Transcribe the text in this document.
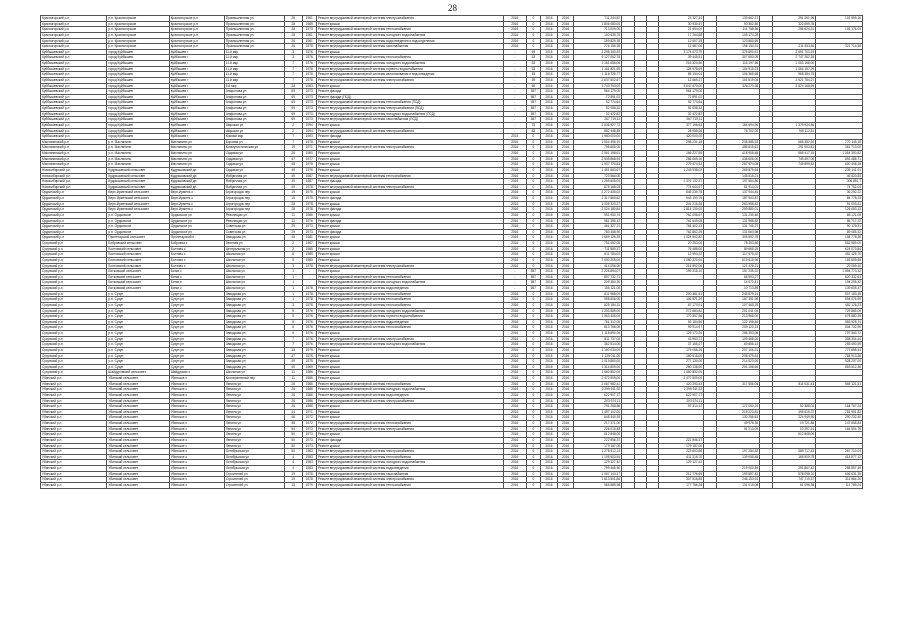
28
Красногорский р-н	р.п. Красногорское	Красногорское р-н	Промышленная ул.	28	1961	Ремонт внутридомовой инженерной системы электроснабжения	2016	0	2016	2016	711 244,52				23 327,34		133 662,37		251 261,96	102 559,16
Красногорский р-н	р.п. Красногорское	Красногорское р-н	Промышленная ул.	28	1989	Ремонт крыши	2016	0	2016	2016	1 806 080,00				30 930,57		90 362,80		322 699,78	
Красногорский р-н	р.п. Красногорское	Красногорское р-н	Промышленная ул.	28	1973	Ремонт внутридомовой инженерной системы теплоснабжения	2016	0	2016	2016	713 009,00				21 454,00		111 758,56		256 624,31	105 176,00
Красногорский р-н	р.п. Красногорское	Красногорское р-н	Промышленная ул.	28	1961	Ремонт внутридомовой инженерной системы холодного водоснабжения	2016	0	2016	2016	100 639,76				17 264,88		105 174,28			
Красногорский р-н	р.п. Красногорское	Красногорское р-н	Промышленная ул.	26	1961	Ремонт внутридомовой инженерной системы водоотведения и водоотделения	2016	0	2016	2016	159 825,39				12 607,29		123 860,69			
Красногорский р-н	р.п. Красногорское	Красногорское р-н	Промышленная ул.	26	1978	Ремонт внутридомовой инженерной системы газоснабжения	2016	0	2016	2016	776 156,35				12 687,06		196 154,31		211 353,46	321 714,56
Куйбышевский р-н	город Куйбышев	Куйбышев г	11-й мкр	3	1976	Ремонт крыши	-	69	2016	2016	2 298 183,49				3 174 473,79		375 890,51		2 691 703,19	
Куйбышевский р-н	город Куйбышев	Куйбышев г	11-й мкр	3	1976	Ремонт внутридомовой инженерной системы теплоснабжения	-	53	2016	2016	9 127 062,78				39 445,51		307 653,09		2 747 262,28	
Куйбышевский р-н	город Куйбышев	Куйбышев г	11-й мкр	7	1976	Ремонт внутридомовой инженерной системы холодного водоснабжения	-	53	2016	2016	1 161 656,06				216 320,50		116 197,56		1 053 168,00	
Куйбышевский р-н	город Куйбышев	Куйбышев г	11-й мкр	7	1978	Ремонт внутридомовой инженерной системы горячего водоснабжения	-	53	2016	2016	1 161 821,95				128 978,69		104 915,23		1 064 157,29	
Куйбышевский р-н	город Куйбышев	Куйбышев г	11-й мкр	7	1978	Ремонт внутридомовой инженерной системы канализования и водоотведения	-	53	2016	2016	1 116 725,77				85 154,04		106 365,68		968 384,75	
Куйбышевский р-н	город Куйбышев	Куйбышев г	11-й мкр	7	1978	Ремонт внутридомовой инженерной системы электроснабжения	-	69	2016	2016	2 637 502,67				12 669,27		101 519,03		2 521 754,27	
Куйбышевский р-н	город Куйбышев	Куйбышев г	5-й мкр	28	1983	Ремонт крыши	-	69	2016	2016	3 743 753,00				3 647 473,00		376 273,38		3 674 168,59	
Куйбышевский р-н	город Куйбышев	Куйбышев г	Агафонова ул	69	1973	Ремонт фасада	-	557	2016	2016	964 179,00				964 179,00					
Куйбышевский р-н	город Куйбышев	Куйбышев г	Агафонова ул	69	1973	Ремонт фасада (ПСД)	-	557	2016	2016	72 891,02				72 891,02					
Куйбышевский р-н	город Куйбышев	Куйбышев г	Агафонова ул	69	1973	Ремонт внутридомовой инженерной системы теплоснабжения (ПСД)	-	557	2016	2016	52 774,64				52 774,64					
Куйбышевский р-н	город Куйбышев	Куйбышев г	Агафонова ул	69	1973	Ремонт внутридомовой инженерной системы электроснабжения (ПСД)	-	557	2016	2016	52 058,32				52 058,32					
Куйбышевский р-н	город Куйбышев	Куйбышев г	Агафонова ул	69	1973	Ремонт внутридомовой инженерной системы холодного водоснабжения (ПСД)	-	557	2016	2016	32 472,82				32 472,82					
Куйбышевский р-н	город Куйбышев	Куйбышев г	Агафонова ул	69	1973	Ремонт внутридомовой инженерной системы газоснабжения (ПСД)	-	557	2016	2016	267 719,11				267 719,11					
Куйбышевский р-н	город Куйбышев	Куйбышев г	Широкая ул	2	1994	Ремонт крыши	-	75	2016	2016	2 036 927,72				377 198,63		184 694,90		1 379 934,56	
Куйбышевский р-н	город Куйбышев	Куйбышев г	Широкая ул	2	1994	Ремонт внутридомовой инженерной системы электроснабжения	-	83	2016	2016	882 448,55				28 958,06		78 702,00		769 112,51	
Куйбышевский р-н	город Куйбышев	Куйбышев г	Южный мкр	7	1993	Ремонт фасада	2015	0	2016	2016	1 980 000,00				420 000,00					
Маслянинский р-н	р.п. Маслянино	Маслянино рп	Боровая ул	7	1978	Ремонт крыши	2016	0	2016	2016	1 504 496,10				298 231,18		235 585,92		665 352,92	770 145,18
Маслянинский р-н	р.п. Маслянино	Маслянино рп	Коммунистическая ул	19	1971	Ремонт внутридомовой инженерной системы электроснабжения	2016	0	2016	2016	798 665,00						485 615,61		291 903,81	361 713,00
Маслянинский р-н	р.п. Маслянино	Маслянино рп	Садовая ул	26	1960	Ремонт крыши	2016	0	2016	2016	2 061 198,61				166 227,55		418 908,68		965 417,15	1 054 300,82
Маслянинский р-н	р.п. Маслянино	Маслянино рп	Садовая ул	47	1977	Ремонт крыши	2016	0	2016	2016	2 549 868,94				286 069,10		436 606,00		745 497,09	891 485,71
Маслянинский р-н	р.п. Маслянино	Маслянино рп	Садовая ул	48	1978	Ремонт крыши	2016	0	2016	2016	1 937 770,83				279 474,92		287 974,05		749 899,52	600 408,18
Новосибирский р-н	Кудряшовский сельсовет	Кудряшовский дп	Садовая ул	49	1976	Ремонт крыши	2016	0	2016	2016	1 451 663,67				1 243 938,02		265 875,64			235 141,91
Новосибирский р-н	Кудряшовский сельсовет	Кудряшовский дп	Фабричная ул	49	1987	Ремонт внутридомовой инженерной системы теплоснабжения	2016	0	2016	2016	723 566,00						145 515,21			46 420,83
Новосибирский р-н	Кудряшовский сельсовет	Кудряшовский дп	Фабричная ул	49	1987	Ремонт фасада	2016	0	2016	2016	1 269 605,00				2 376 132,37		197 564,86			306 851,7
Новосибирский р-н	Кудряшовский сельсовет	Кудряшовский дп	Фабричная ул	49	1978	Ремонт внутридомовой инженерной системы электроснабжения	2016	0	2016	2016	675 168,03				774 644,97		81 914,01			74 752,04
Ордынский р-н	Верх-Ирменский сельсовет	Верх-Ирмень с	Агрогородок пер	19	1975	Ремонт крыши	2016	0	2016	2016	2 272 405,02				845 239,75		137 944,45			36 292,22
Ордынский р-н	Верх-Ирменский сельсовет	Верх-Ирмень с	Агрогородок пер	19	1975	Ремонт фасада	2016	0	2016	2016	2 317 860,62				943 190,75		187 943,87			84 778,23
Ордынский р-н	Верх-Ирменский сельсовет	Верх-Ирмень с	Агрогородок пер	28	1978	Ремонт крыши	2016	0	2016	2016	1 005 323,27				241 216,36		263 958,42			91 003,41
Ордынский р-н	Верх-Ирменский сельсовет	Верх-Ирмень с	Агрогородок пер	28	1978	Ремонт фасада	2016	0	2016	2016	2 024 180,84				1 814 130,03		259 880,01			126 053,13
Ордынский р-н	р.п. Ордынское	Ордынское рп	Революции ул	11	1986	Ремонт крыши	2016	0	2016	2016	951 950,74				762 096,67		131 239,48			85 171,05
Ордынский р-н	р.п. Ордынское	Ордынское рп	Революции ул	11	1976	Ремонт фасада	2016	0	2016	2016	981 355,12				762 649,08		131 988,82			86 717,22
Ордынский р-н	р.п. Ордынское	Ордынское рп	Советская ул	29	1973	Ремонт крыши	2016	0	2016	2016	461 327,21				765 402,12		131 745,27			90 179,31
Ордынский р-н	р.п. Ордынское	Ордынское рп	Советская ул	29	1973	Ремонт фасада	2016	0	2016	2016	783 458,90				762 862,29		131 663,98			89 085,32
Ордынский р-н	Пролетарский сельсовет	Пролетарский п	Заводская ул	45	1981	Ремонт крыши	2016	0	2016	2016	1 669 126,39				1 024 502,82		305 592,78			108 778,36
Сузунский р-н	Бобровский сельсовет	Бобровка с	Зеленая ул	2	1987	Ремонт крыши	2016	0	2016	2016	751 452,00				20 253,00		78 353,80			652 989,00
Сузунский р-н	Болтовский сельсовет	Болтово с	Центральная ул	2	1985	Ремонт крыши	2016	0	2016	2016	711 580,37				76 488,00		89 665,29			624 073,84
Сузунский р-н	Болтовский сельсовет	Болтово с	Школьная ул	6	1985	Ремонт крыши	2016	0	2016	2016	611 784,02				12 993,22		117 975,32			481 425,70
Сузунский р-н	Болтовский сельсовет	Болтово с	Школьная ул	5	1980	Ремонт крыши	2016	0	2016	2016	2 090 205,00				1 080 220,00		619 615,96			183 609,65
Сузунский р-н	Болтовский сельсовет	Болтово с	Школьная ул	3	1978	Ремонт внутридомовой инженерной системы электроснабжения	2016	0	2016	2016	414 096,00				216 892,00		121 478,21			29 059,40
Сузунский р-н	Битковский сельсовет	Битки с	Школьная ул	1	-	Ремонт крыши	-	557	2016	2016	2 226 894,07				199 316,10		157 235,22			1 594 773,42
Сузунский р-н	Битковский сельсовет	Битки с	Школьная ул	1	-	Ремонт внутридомовой инженерной системы теплоснабжения	-	557	2016	2016	897 732,71						65 993,27			820 332,63
Сузунский р-н	Битковский сельсовет	Битки с	Школьная ул	1	-	Ремонт внутридомовой инженерной системы холодного водоснабжения	-	557	2016	2016	209 360,30						14 072,41			194 295,42
Сузунский р-н	Битковский сельсовет	Битки с	Школьная ул	1	1978	Ремонт внутридомовой инженерной системы водоотведения	-	557	2016	2016	156 121,00						10 713,89			139 605,47
Сузунский р-н	р.п. Сузун	Сузун рп	Заводская ул	1	1978	Ремонт внутридомовой инженерной системы теплоснабжения	2016	0	2016	2016	611 968,00				200 481,51		245 875,14			507 183,45
Сузунский р-н	р.п. Сузун	Сузун рп	Заводская ул	1	1978	Ремонт внутридомовой инженерной системы теплоснабжения	2016	0	2016	2016	998 606,00				106 971,29		187 391,98			594 076,99
Сузунский р-н	р.п. Сузун	Сузун рп	Заводская ул	3	1978	Ремонт внутридомовой инженерной системы теплоснабжения	2016	0	2016	2016	625 184,31				67 170,91		107 465,25			452 176,23
Сузунский р-н	р.п. Сузун	Сузун рп	Заводская ул	5	1976	Ремонт внутридомовой инженерной системы холодного водоснабжения	2016	0	2016	2016	1 203 589,00				272 683,82		201 041,03			729 865,09
Сузунский р-н	р.п. Сузун	Сузун рп	Заводская ул	5	1976	Ремонт внутридомовой инженерной системы горячего водоснабжения	2016	0	2016	2016	1 063 406,00				170 557,56		213 968,00			678 880,39
Сузунский р-н	р.п. Сузун	Сузун рп	Заводская ул	5	1976	Ремонт внутридомовой инженерной системы водоотведения	2016	0	2016	2016	761 312,00				53 184,80		122 198,46			583 928,74
Сузунский р-н	р.п. Сузун	Сузун рп	Заводская ул	6	1976	Ремонт внутридомовой инженерной системы теплоснабжения	2016	0	2016	2016	813 768,00				99 914,97		209 120,13			504 732,90
Сузунский р-н	р.п. Сузун	Сузун рп	Заводская ул	6	1976	Ремонт крыши	2016	0	2016	2016	1 118 890,00				125 173,20		286 353,08			707 363,72
Сузунский р-н	р.п. Сузун	Сузун рп	Заводская ул	7	1976	Ремонт внутридомовой инженерной системы электроснабжения	2016	0	2016	2016	511 737,00				43 963,77		109 468,00			358 304,44
Сузунский р-н	р.п. Сузун	Сузун рп	Заводская ул	7	1976	Ремонт внутридомовой инженерной системы холодного водоснабжения	2016	0	2016	2016	362 514,00				37 165,27		69 858,14			255 490,59
Сузунский р-н	р.п. Сузун	Сузун рп	Заводская ул	15	1979	Ремонт крыши	2016	0	2016	2016	1 160 030,00				175 068,25		207 106,31			777 855,44
Сузунский р-н	р.п. Сузун	Сузун рп	Заводская ул	47	1976	Ремонт крыши	2016	0	2016	2016	1 135 011,00				160 618,00		208 479,44			765 913,56
Сузунский р-н	р.п. Сузун	Сузун рп	Заводская ул	49	1975	Ремонт крыши	2016	0	2016	2016	1 019 860,00				277 130,00		214 523,00			528 207,00
Сузунский р-н	р.п. Сузун	Сузун рп	Заводская ул	40	1969	Ремонт крыши	2016	0	2016	2016	1 314 809,00				260 138,00		201 158,64			853 512,36
Сузунский р-н	Шайдуровский сельсовет	Шайдурово с	Школьная ул	11	1986	Ремонт крыши	2016	0	2016	2016	1 660 852,00				1 660 852,00					
Убинский р-н	Убинский сельсовет	Убинское с	Кооперативный пер	11	1986	Ремонт крыши	2016	0	2016	2016	2 472 509,00				2 472 509,00					
Убинский р-н	Убинский сельсовет	Убинское с	Ленина ул	26	1986	Ремонт внутридомовой инженерной системы теплоснабжения	2016	0	2016	2016	2 067 982,41				420 293,43		317 656,04		811 031,43	565 121,51
Убинский р-н	Убинский сельсовет	Убинское с	Ленина ул	26	1986	Ремонт внутридомовой инженерной системы холодного водоснабжения	2016	0	2016	2016	2 299 911,32				2 299 911,32					
Убинский р-н	Убинский сельсовет	Убинское с	Ленина ул	26	1986	Ремонт внутридомовой инженерной системы водоотведения	2016	0	2016	2016	622 907,17				622 907,17					
Убинский р-н	Убинский сельсовет	Убинское с	Ленина ул	26	1986	Ремонт внутридомовой инженерной системы электроснабжения	2016	0	2016	2016	203 674,11				203 674,11					
Убинский р-н	Убинский сельсовет	Убинское с	Ленина ул	26	1986	Ремонт крыши	2016	0	2016	2016	791 268,86				97 314,12		177 050,15		52 388,02	164 767,34
Убинский р-н	Убинский сельсовет	Убинское с	Ленина ул	44	1971	Ремонт крыши	2016	0	2016	2016	1 497 102,00						215 223,81		495 616,37	781 951,82
Убинский р-н	Убинский сельсовет	Убинское с	Ленина ул	46	1972	Ремонт крыши	2016	0	2016	2016	645 440,93						130 258,63		224 949,90	290 232,40
Убинский р-н	Убинский сельсовет	Убинское с	Ленина ул	48	1972	Ремонт внутридомовой инженерной системы теплоснабжения	2016	0	2016	2016	217 371,00						49 976,35		19 721,88	147 658,83
Убинский р-н	Убинский сельсовет	Убинское с	Ленина ул	50	1973	Ремонт внутридомовой инженерной системы электроснабжения	2016	0	2016	2016	226 015,48						51 213,09		10 297,61	164 504,78
Убинский р-н	Убинский сельсовет	Убинское с	Ленина ул	50	1973	Ремонт крыши	2016	0	2016	2016	612 848,00								612 848,00	
Убинский р-н	Убинский сельсовет	Убинское с	Ленина ул	50	1973	Ремонт фасада	2016	0	2016	2016	222 956,37				222 956,37					
Убинский р-н	Убинский сельсовет	Убинское с	Ленина ул	50	1973	Ремонт крыши	2016	0	2016	2016	179 187,00				179 187,00					
Убинский р-н	Убинский сельсовет	Убинское с	Октябрьская ул	50	1983	Ремонт внутридомовой инженерной системы электроснабжения	2016	0	2016	2016	1 278 512,14				223 803,86		197 284,52		589 717,43	267 710,04
Убинский р-н	Убинский сельсовет	Убинское с	Октябрьская ул	4	1983	Ремонт внутридомовой инженерной системы теплоснабжения	2016	0	2016	2016	1 105 503,94				611 216,70		139 055,48		168 909,75	414 877,12
Убинский р-н	Убинский сельсовет	Убинское с	Октябрьская ул	4	1983	Ремонт внутридомовой инженерной системы холодного водоснабжения	2016	0	2016	2016	129 127,42				129 127,42					
Убинский р-н	Убинский сельсовет	Убинское с	Октябрьская ул	4	1983	Ремонт внутридомовой инженерной системы водоотведения	2016	0	2016	2016	799 465,50						219 000,59		291 867,42	288 597,49
Убинский р-н	Убинский сельсовет	Убинское с	Строителей ул	19	1978	Ремонт внутридомовой инженерной системы газоснабжения	2016	0	2016	2016	1 067 144,17				212 776,65		199 897,42		578 098,10	606 631,35
Убинский р-н	Убинский сельсовет	Убинское с	Строителей ул	19	1978	Ремонт внутридомовой инженерной системы электроснабжения	2016	0	2016	2016	1 613 501,86				307 516,85		246 153,91		747 719,37	311 584,20
Убинский р-н	Убинский сельсовет	Убинское с	Строителей ул	15	1979	Ремонт внутридомовой инженерной системы теплоснабжения	2016	0	2016	2016	566 885,98				177 756,28		131 015,08		61 096,38	111 789,24
